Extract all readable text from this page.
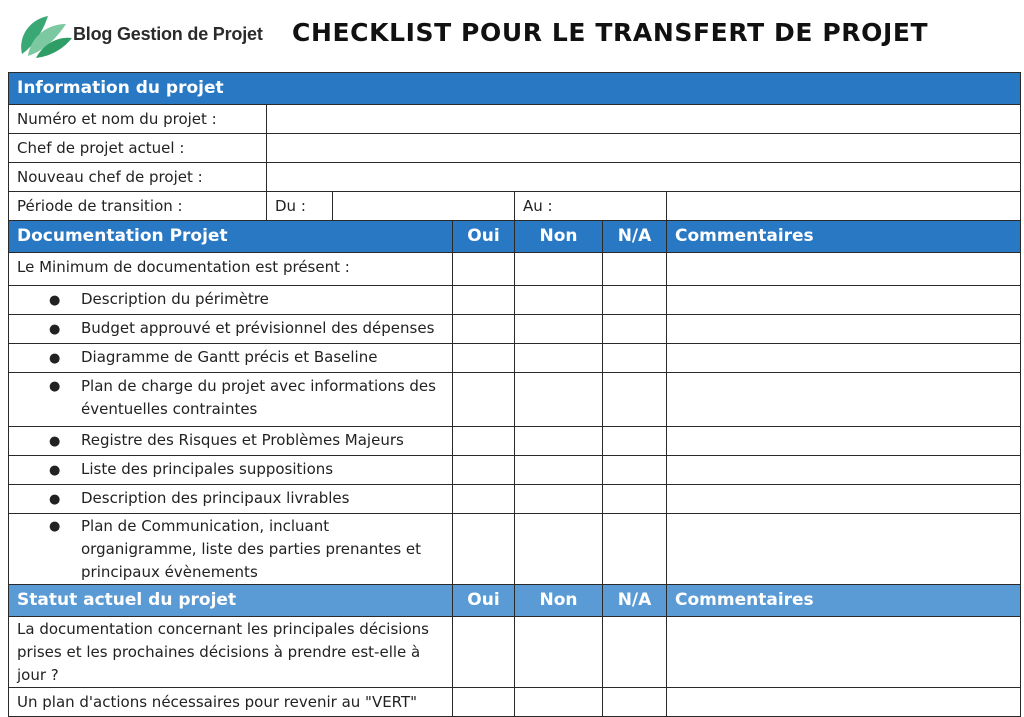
Blog Gestion de Projet CHECKLIST POUR LE TRANSFERT DE PROJET
Information du projet						
Numéro et nom du projet :						
Chef de projet actuel :						
Nouveau chef de projet :						
Période de transition :	Du :			Au :		
Documentation Projet			Oui	Non	N/A	Commentaires
Le Minimum de documentation est présent :						
● Description du périmètre						
● Budget approuvé et prévisionnel des dépenses						
● Diagramme de Gantt précis et Baseline						

● Plan de charge du projet avec informations des éventuelles contraintes						

● Registre des Risques et Problèmes Majeurs						
● Liste des principales suppositions						
● Description des principaux livrables						

● Plan de Communication, incluant organigramme, liste des parties prenantes et principaux évènements						

Statut actuel du projet			Oui	Non	N/A	Commentaires
La documentation concernant les principales décisions prises et les prochaines décisions à prendre est-elle à jour ?						
Un plan d'actions nécessaires pour revenir au "VERT"						
